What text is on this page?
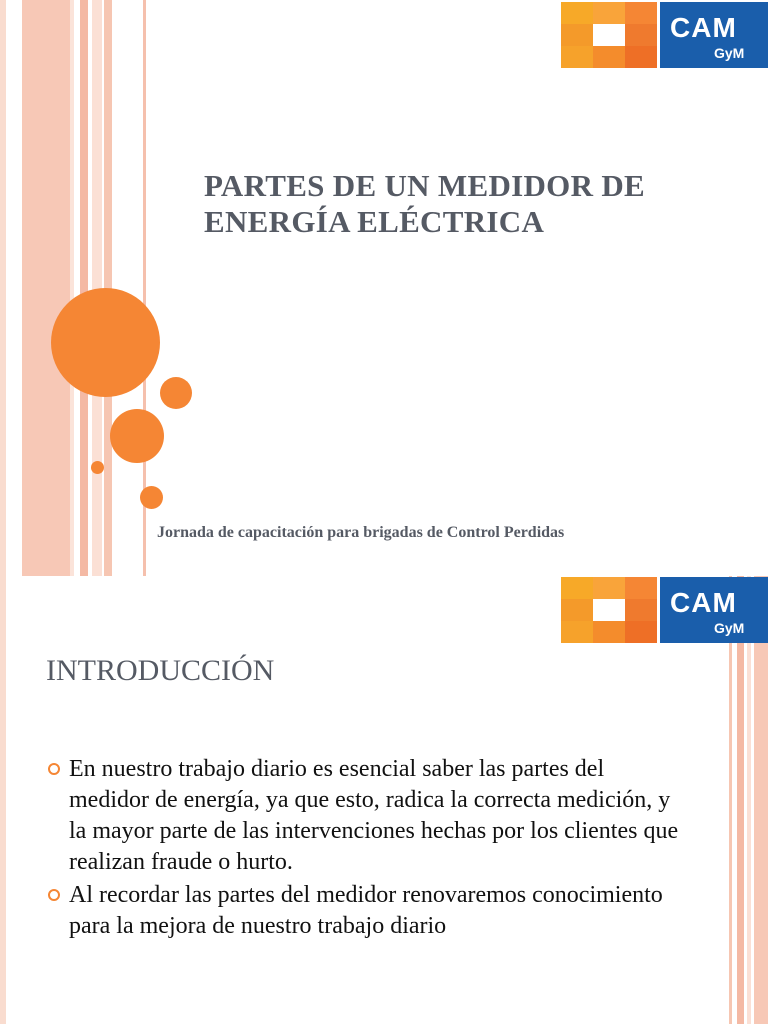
CAM
GyM
PARTES DE UN MEDIDOR DE ENERGÍA ELÉCTRICA
Jornada de capacitación para brigadas de Control Perdidas
CAM
GyM
INTRODUCCIÓN
En nuestro trabajo diario es esencial saber las partes del medidor de energía, ya que esto, radica la correcta medición, y la mayor parte de las intervenciones hechas por los clientes que realizan fraude o hurto.
Al recordar las partes del medidor renovaremos conocimiento para la mejora de nuestro trabajo diario
